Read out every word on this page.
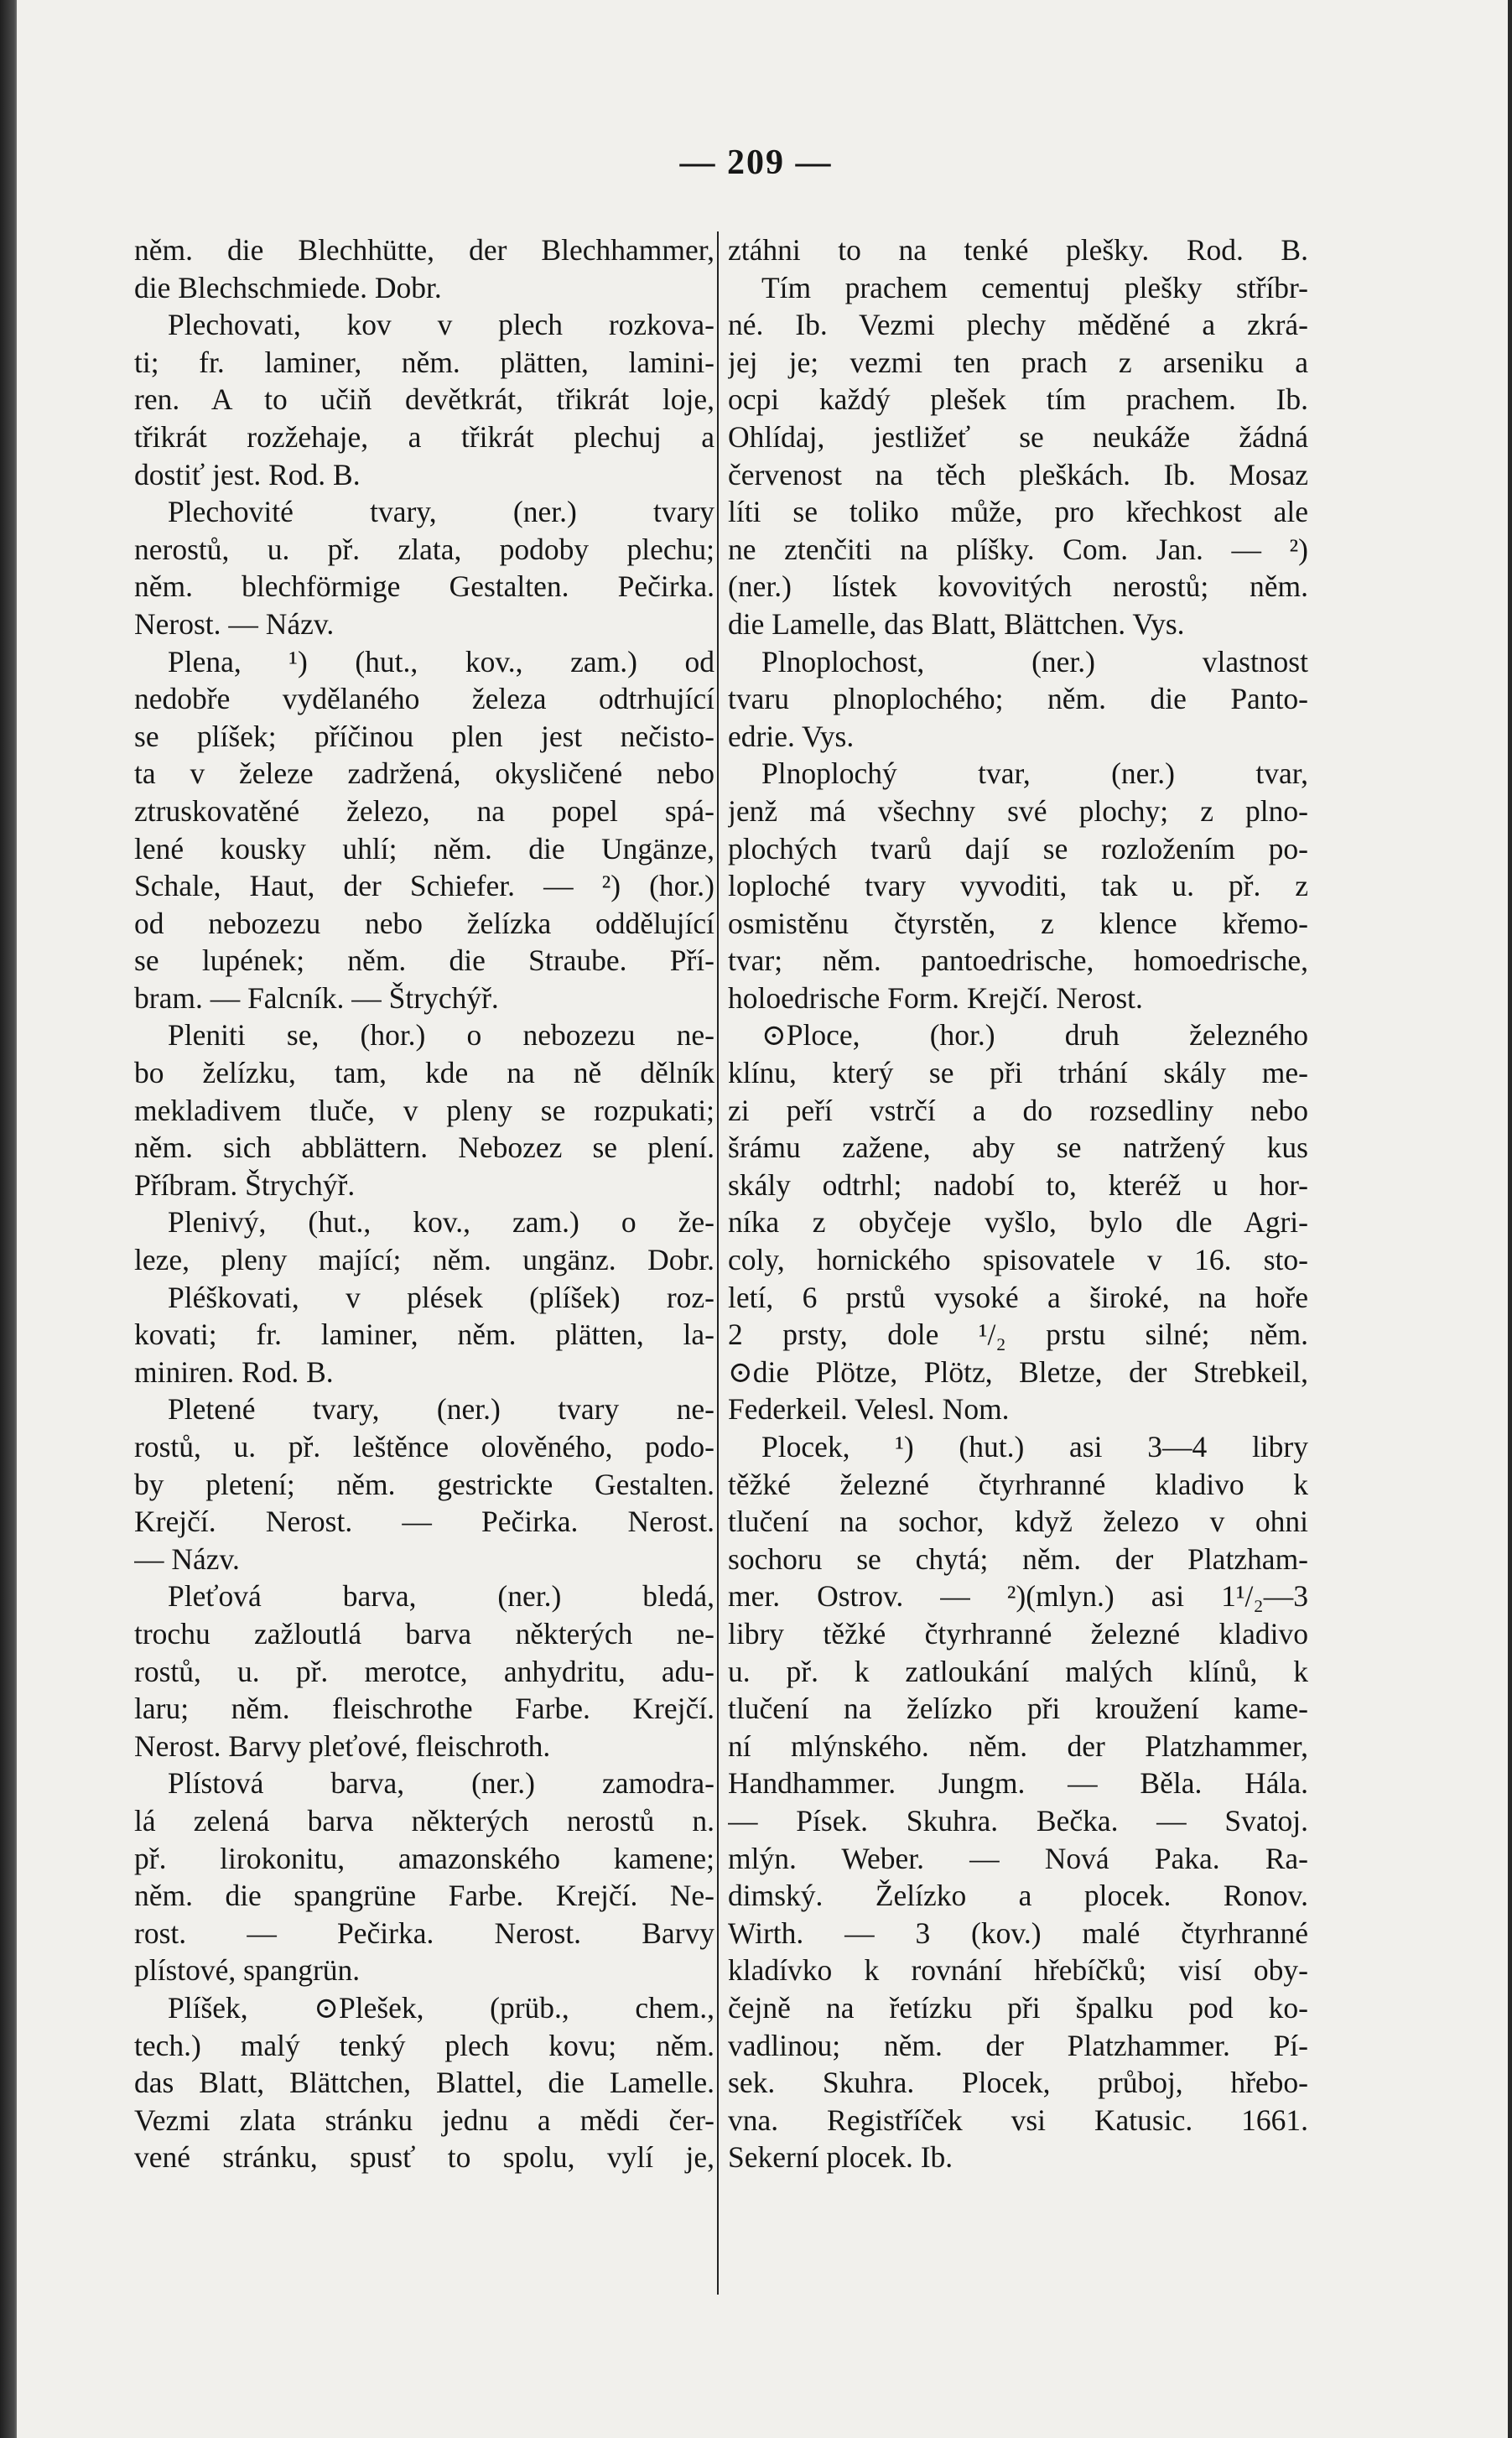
— 209 —
něm. die Blechhütte, der Blechhammer,
die Blechschmiede. Dobr.
Plechovati, kov v plech rozkova-
ti; fr. laminer, něm. plätten, lamini-
ren. A to učiň devětkrát, třikrát loje,
třikrát rozžehaje, a třikrát plechuj a
dostiť jest. Rod. B.
Plechovité tvary, (ner.) tvary
nerostů, u. př. zlata, podoby plechu;
něm. blechförmige Gestalten. Pečirka.
Nerost. — Názv.
Plena, ¹) (hut., kov., zam.) od
nedobře vydělaného železa odtrhující
se plíšek; příčinou plen jest nečisto-
ta v železe zadržená, okysličené nebo
ztruskovatěné železo, na popel spá-
lené kousky uhlí; něm. die Ungänze,
Schale, Haut, der Schiefer. — ²) (hor.)
od nebozezu nebo želízka oddělující
se lupének; něm. die Straube. Pří-
bram. — Falcník. — Štrychýř.
Pleniti se, (hor.) o nebozezu ne-
bo želízku, tam, kde na ně dělník
mekladivem tluče, v pleny se rozpukati;
něm. sich abblättern. Nebozez se plení.
Příbram. Štrychýř.
Plenivý, (hut., kov., zam.) o že-
leze, pleny mající; něm. ungänz. Dobr.
Pléškovati, v plések (plíšek) roz-
kovati; fr. laminer, něm. plätten, la-
miniren. Rod. B.
Pletené tvary, (ner.) tvary ne-
rostů, u. př. leštěnce olověného, podo-
by pletení; něm. gestrickte Gestalten.
Krejčí. Nerost. — Pečirka. Nerost.
— Názv.
Pleťová barva, (ner.) bledá,
trochu zažloutlá barva některých ne-
rostů, u. př. merotce, anhydritu, adu-
laru; něm. fleischrothe Farbe. Krejčí.
Nerost. Barvy pleťové, fleischroth.
Plístová barva, (ner.) zamodra-
lá zelená barva některých nerostů n.
př. lirokonitu, amazonského kamene;
něm. die spangrüne Farbe. Krejčí. Ne-
rost. — Pečirka. Nerost. Barvy
plístové, spangrün.
Plíšek, ⊙Plešek, (prüb., chem.,
tech.) malý tenký plech kovu; něm.
das Blatt, Blättchen, Blattel, die Lamelle.
Vezmi zlata stránku jednu a mědi čer-
vené stránku, spusť to spolu, vylí je,
ztáhni to na tenké plešky. Rod. B.
Tím prachem cementuj plešky stříbr-
né. Ib. Vezmi plechy měděné a zkrá-
jej je; vezmi ten prach z arseniku a
ocpi každý plešek tím prachem. Ib.
Ohlídaj, jestližeť se neukáže žádná
červenost na těch pleškách. Ib. Mosaz
líti se toliko může, pro křechkost ale
ne ztenčiti na plíšky. Com. Jan. — ²)
(ner.) lístek kovovitých nerostů; něm.
die Lamelle, das Blatt, Blättchen. Vys.
Plnoplochost, (ner.) vlastnost
tvaru plnoplochého; něm. die Panto-
edrie. Vys.
Plnoplochý tvar, (ner.) tvar,
jenž má všechny své plochy; z plno-
plochých tvarů dají se rozložením po-
loploché tvary vyvoditi, tak u. př. z
osmistěnu čtyrstěn, z klence křemo-
tvar; něm. pantoedrische, homoedrische,
holoedrische Form. Krejčí. Nerost.
⊙Ploce, (hor.) druh železného
klínu, který se při trhání skály me-
zi peří vstrčí a do rozsedliny nebo
šrámu zažene, aby se natržený kus
skály odtrhl; nadobí to, kteréž u hor-
níka z obyčeje vyšlo, bylo dle Agri-
coly, hornického spisovatele v 16. sto-
letí, 6 prstů vysoké a široké, na hoře
2 prsty, dole ¹/₂ prstu silné; něm.
⊙die Plötze, Plötz, Bletze, der Strebkeil,
Federkeil. Velesl. Nom.
Plocek, ¹) (hut.) asi 3—4 libry
těžké železné čtyrhranné kladivo k
tlučení na sochor, když železo v ohni
sochoru se chytá; něm. der Platzham-
mer. Ostrov. — ²)(mlyn.) asi 1¹/₂—3
libry těžké čtyrhranné železné kladivo
u. př. k zatloukání malých klínů, k
tlučení na želízko při kroužení kame-
ní mlýnského. něm. der Platzhammer,
Handhammer. Jungm. — Běla. Hála.
— Písek. Skuhra. Bečka. — Svatoj.
mlýn. Weber. — Nová Paka. Ra-
dimský. Želízko a plocek. Ronov.
Wirth. — 3 (kov.) malé čtyrhranné
kladívko k rovnání hřebíčků; visí oby-
čejně na řetízku při špalku pod ko-
vadlinou; něm. der Platzhammer. Pí-
sek. Skuhra. Plocek, průboj, hřebo-
vna. Registříček vsi Katusic. 1661.
Sekerní plocek. Ib.
